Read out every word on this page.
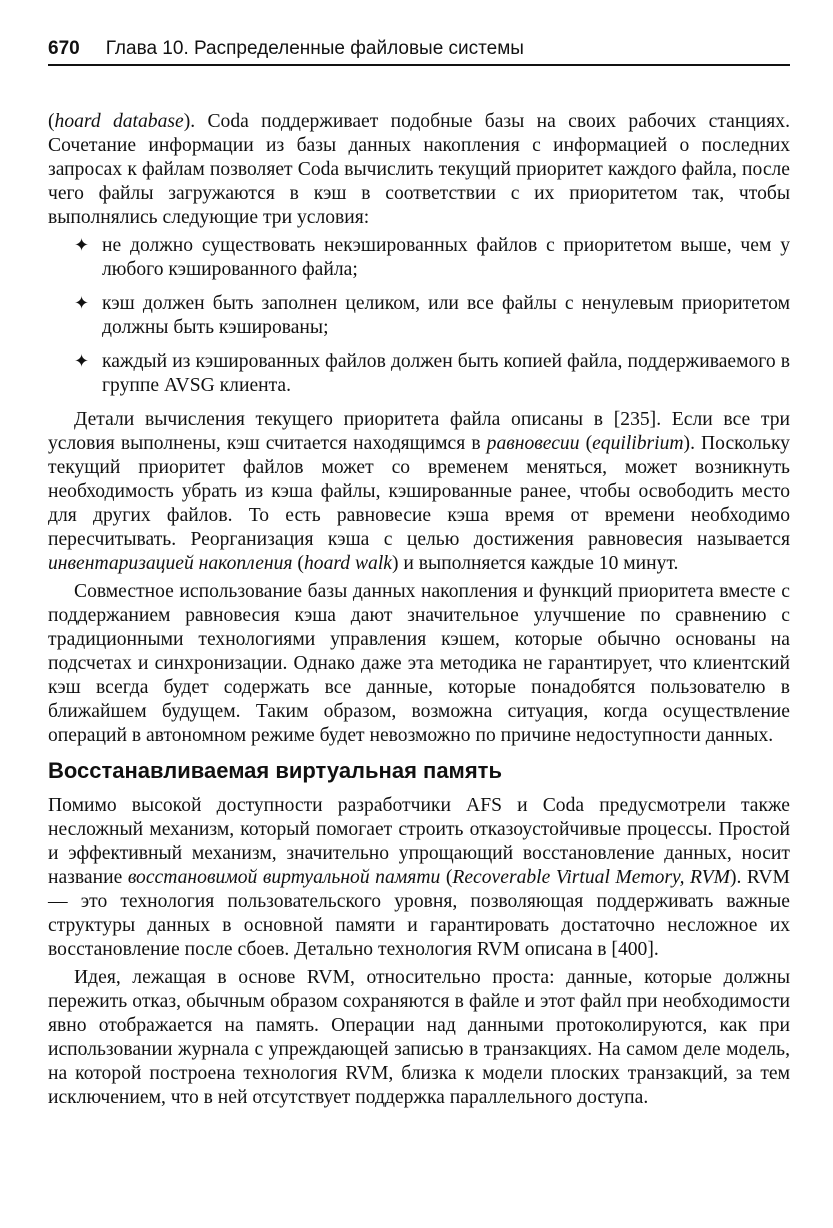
670 Глава 10. Распределенные файловые системы

(hoard database). Coda поддерживает подобные базы на своих рабочих станциях. Сочетание информации из базы данных накопления с информацией о последних запросах к файлам позволяет Coda вычислить текущий приоритет каждого файла, после чего файлы загружаются в кэш в соответствии с их приоритетом так, чтобы выполнялись следующие три условия:

✦ не должно существовать некэшированных файлов с приоритетом выше, чем у любого кэшированного файла;
✦ кэш должен быть заполнен целиком, или все файлы с ненулевым приоритетом должны быть кэшированы;
✦ каждый из кэшированных файлов должен быть копией файла, поддерживаемого в группе AVSG клиента.

Детали вычисления текущего приоритета файла описаны в [235]. Если все три условия выполнены, кэш считается находящимся в равновесии (equilibrium). Поскольку текущий приоритет файлов может со временем меняться, может возникнуть необходимость убрать из кэша файлы, кэшированные ранее, чтобы освободить место для других файлов. То есть равновесие кэша время от времени необходимо пересчитывать. Реорганизация кэша с целью достижения равновесия называется инвентаризацией накопления (hoard walk) и выполняется каждые 10 минут.

Совместное использование базы данных накопления и функций приоритета вместе с поддержанием равновесия кэша дают значительное улучшение по сравнению с традиционными технологиями управления кэшем, которые обычно основаны на подсчетах и синхронизации. Однако даже эта методика не гарантирует, что клиентский кэш всегда будет содержать все данные, которые понадобятся пользователю в ближайшем будущем. Таким образом, возможна ситуация, когда осуществление операций в автономном режиме будет невозможно по причине недоступности данных.

Восстанавливаемая виртуальная память

Помимо высокой доступности разработчики AFS и Coda предусмотрели также несложный механизм, который помогает строить отказоустойчивые процессы. Простой и эффективный механизм, значительно упрощающий восстановление данных, носит название восстановимой виртуальной памяти (Recoverable Virtual Memory, RVM). RVM — это технология пользовательского уровня, позволяющая поддерживать важные структуры данных в основной памяти и гарантировать достаточно несложное их восстановление после сбоев. Детально технология RVM описана в [400].

Идея, лежащая в основе RVM, относительно проста: данные, которые должны пережить отказ, обычным образом сохраняются в файле и этот файл при необходимости явно отображается на память. Операции над данными протоколируются, как при использовании журнала с упреждающей записью в транзакциях. На самом деле модель, на которой построена технология RVM, близка к модели плоских транзакций, за тем исключением, что в ней отсутствует поддержка параллельного доступа.
